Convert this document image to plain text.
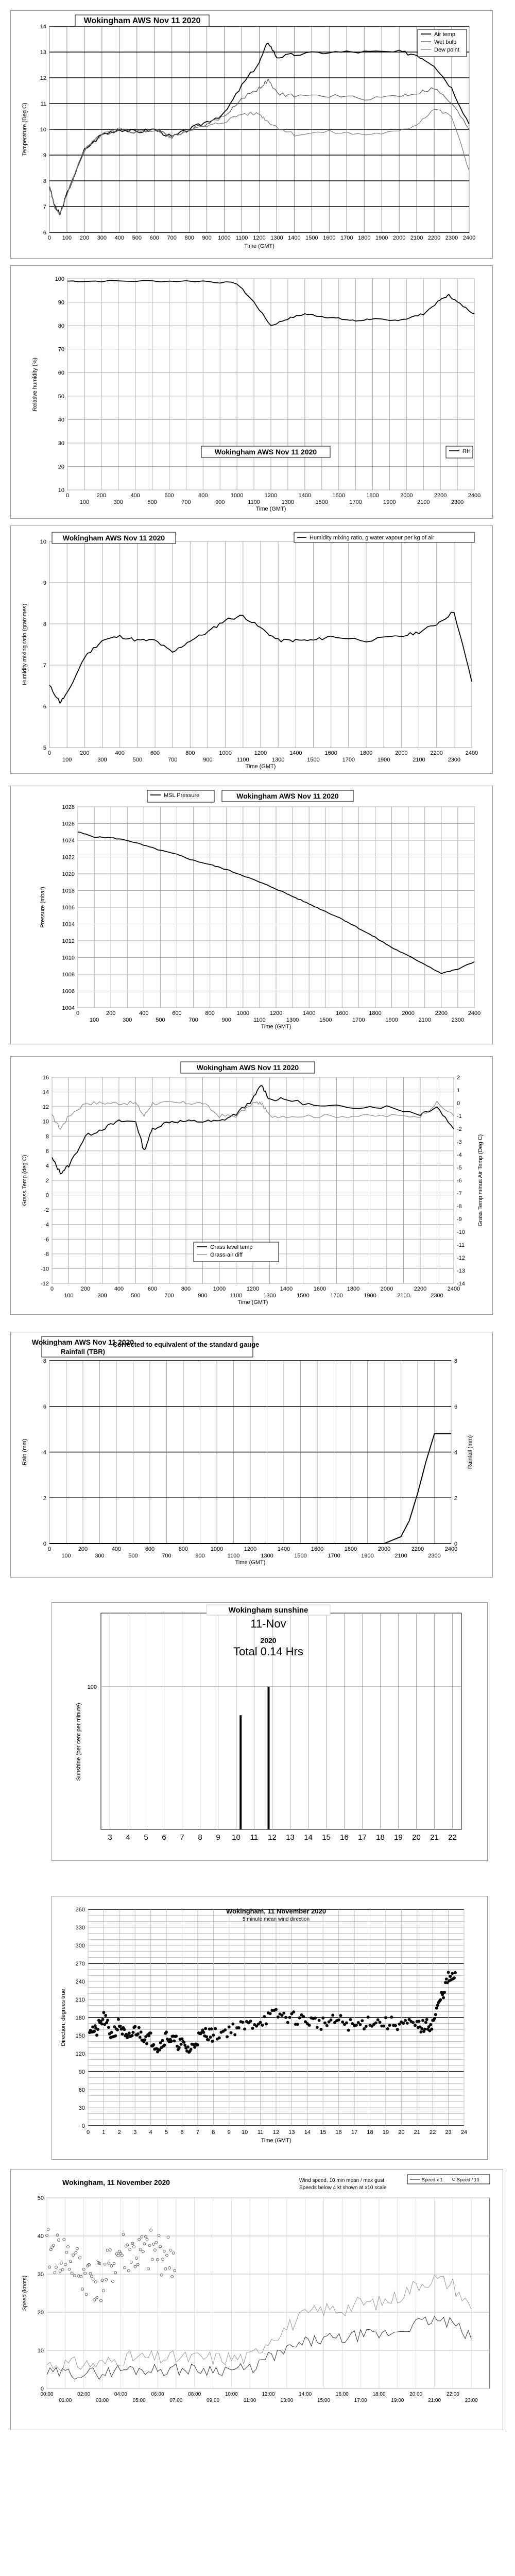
6
7
8
9
10
11
12
13
14
0 100 200 300 400 500 600 700 800 900 1000 1100 1200 1300 1400 1500 1600 1700 1800 1900 2000 2100 2200 2300 2400
Time (GMT)
Temperature (Deg C)
Wokingham AWS Nov 11 2020
Air temp
Wet bulb
Dew point
10
20
30
40
50
60
70
80
90
100
0
100
200
300
400
500
600
700
800
900
1000
1100
1200
1300
1400
1500
1600
1700
1800
1900
2000
2100
2200
2300
2400
Time (GMT)
Relative humidity (%)
Wokingham AWS Nov 11 2020	RH
5
6
7
8
9
10
0
100
200
300
400
500
600
700
800
900
1000
1100
1200
1300
1400
1500
1600
1700
1800
1900
2000
2100
2200
2300
2400
Time (GMT)
Humidity mixing ratio (grammes)
Wokingham AWS Nov 11 2020	Humidity mixing ratio, g water vapour per kg of air
1004
1006
1008
1010
1012
1014
1016
1018
1020
1022
1024
1026
1028
0
100
200
300
400
500
600
700
800
900
1000
1100
1200
1300
1400
1500
1600
1700
1800
1900
2000
2100
2200
2300
2400
Time (GMT)
Pressure (mbar)
MSL Pressure	Wokingham AWS Nov 11 2020
-12
-10
-8
-6
-4
-2
0
2
4
6
8
10
12
14
16
-14
-13
-12
-11
-10
-9
-8
-7
-6
-5
-4
-3
-2
-1
0
1
2
0
100
200
300
400
500
600
700
800
900
1000
1100
1200
1300
1400
1500
1600
1700
1800
1900
2000
2100
2200
2300
2400
Time (GMT)
Grass Temp (deg C)	Grass Temp minus Air Temp (Deg C)
Wokingham AWS Nov 11 2020
Grass level temp
Grass-air diff
0
2
4
6
8
0
2
4
6
8
0
100
200
300
400
500
600
700
800
900
1000
1100
1200
1300
1400
1500
1600
1700
1800
1900
2000
2100
2200
2300
2400
Time (GMT)
Rain (mm)	Rainfall (mm)
Wokingham AWS Nov 11 2020
Rainfall (TBR)
Corrected to equivalent of the standard gauge
3 4 5 6 7 8 9 10 11 12 13 14 15 16 17 18 19 20 21 22
100
Sunshine (per cent per minute)
Wokingham sunshine
11-Nov
2020
Total 0.14 Hrs
0
30
60
90
120
150
180
210
240
270
300
330
360
0 1 2 3 4 5 6 7 8 9 10 11 12 13 14 15 16 17 18 19 20 21 22 23 24
Time (GMT)
Direction, degrees true
Wokingham, 11 November 2020
5 minute mean wind direction
0
10
20
30
40
50
00:00
01:00
02:00
03:00
04:00
05:00
06:00
07:00
08:00
09:00
10:00
11:00
12:00
13:00
14:00
15:00
16:00
17:00
18:00
19:00
20:00
21:00
22:00
23:00
Speed (knots)
Wokingham, 11 November 2020	Wind speed, 10 min mean / max gust
Speeds below 4 kt shown at x10 scale
Speed x 1	Speed / 10
